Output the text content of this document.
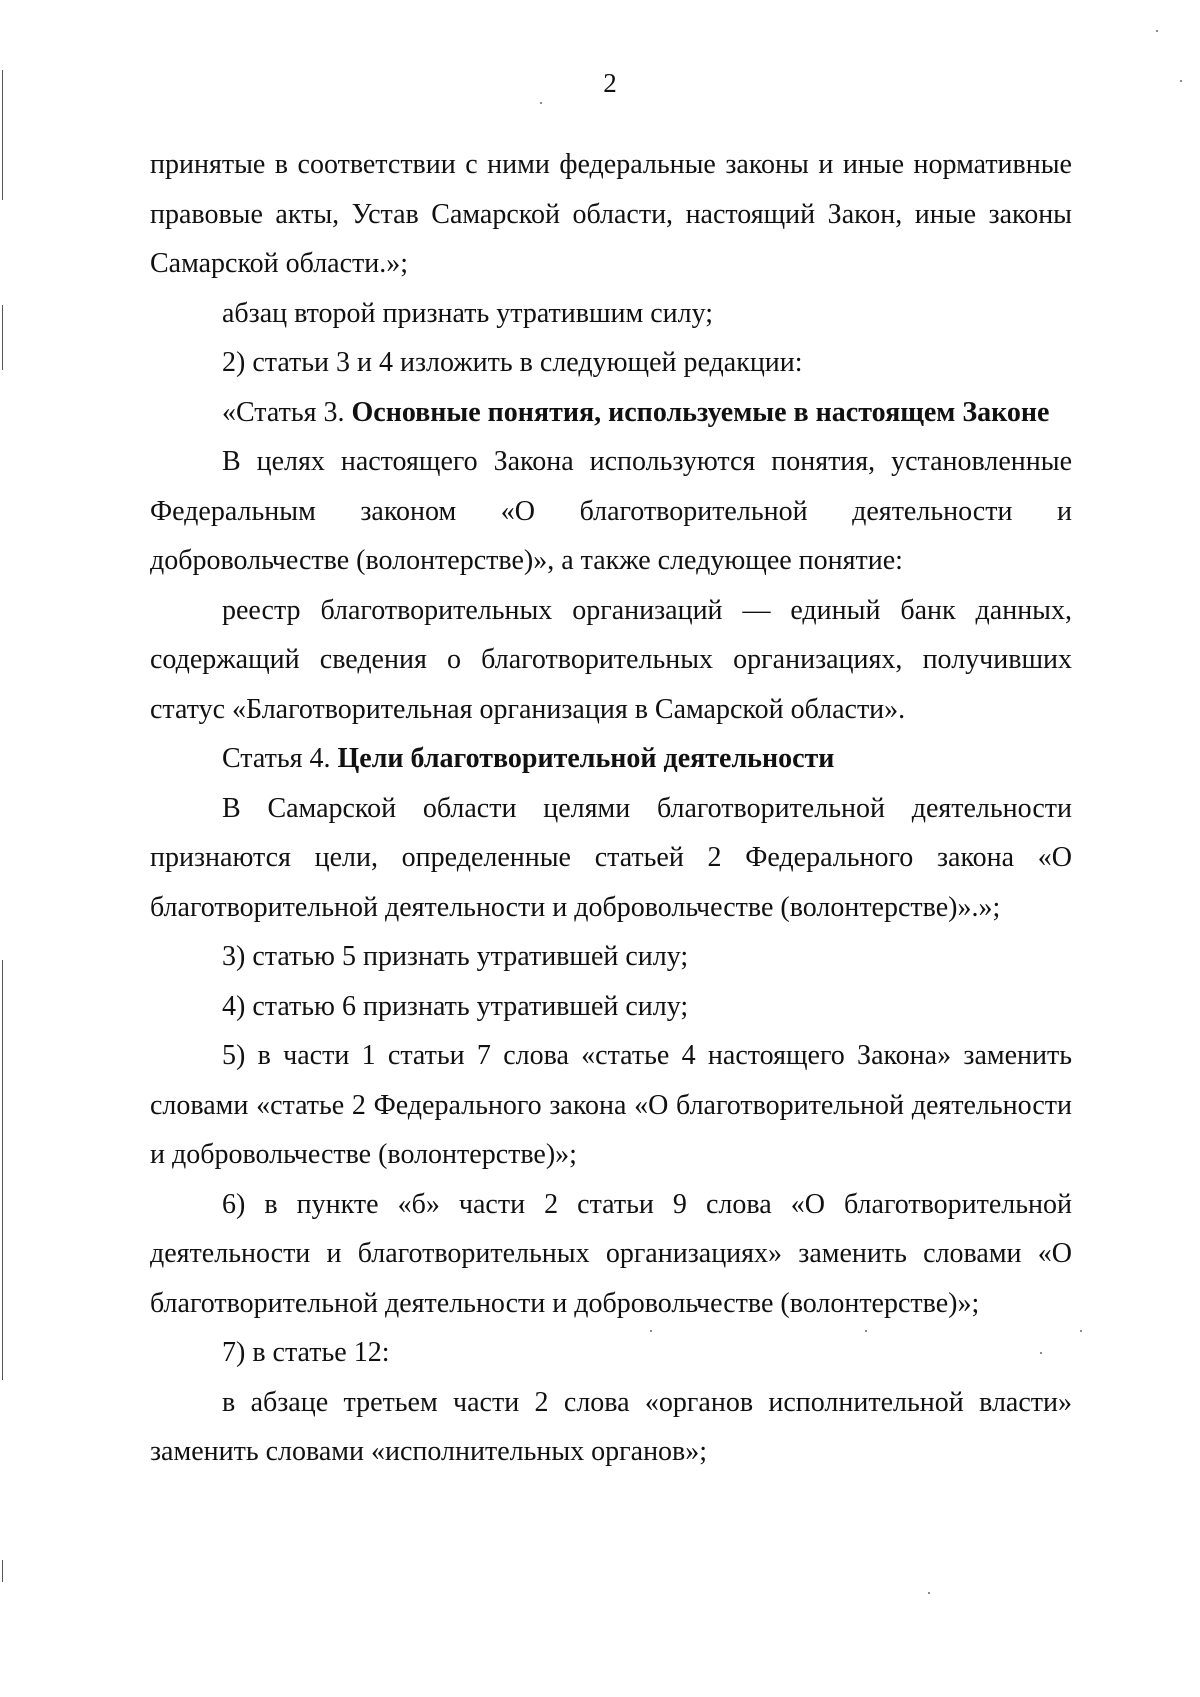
2

принятые в соответствии с ними федеральные законы и иные нормативные правовые акты, Устав Самарской области, настоящий Закон, иные законы Самарской области.»;

абзац второй признать утратившим силу;

2) статьи 3 и 4 изложить в следующей редакции:

«Статья 3. Основные понятия, используемые в настоящем Законе

В целях настоящего Закона используются понятия, установленные Федеральным законом «О благотворительной деятельности и добровольчестве (волонтерстве)», а также следующее понятие:

реестр благотворительных организаций — единый банк данных, содержащий сведения о благотворительных организациях, получивших статус «Благотворительная организация в Самарской области».

Статья 4. Цели благотворительной деятельности

В Самарской области целями благотворительной деятельности признаются цели, определенные статьей 2 Федерального закона «О благотворительной деятельности и добровольчестве (волонтерстве)».»;

3) статью 5 признать утратившей силу;

4) статью 6 признать утратившей силу;

5) в части 1 статьи 7 слова «статье 4 настоящего Закона» заменить словами «статье 2 Федерального закона «О благотворительной деятельности и добровольчестве (волонтерстве)»;

6) в пункте «б» части 2 статьи 9 слова «О благотворительной деятельности и благотворительных организациях» заменить словами «О благотворительной деятельности и добровольчестве (волонтерстве)»;

7) в статье 12:

в абзаце третьем части 2 слова «органов исполнительной власти» заменить словами «исполнительных органов»;
